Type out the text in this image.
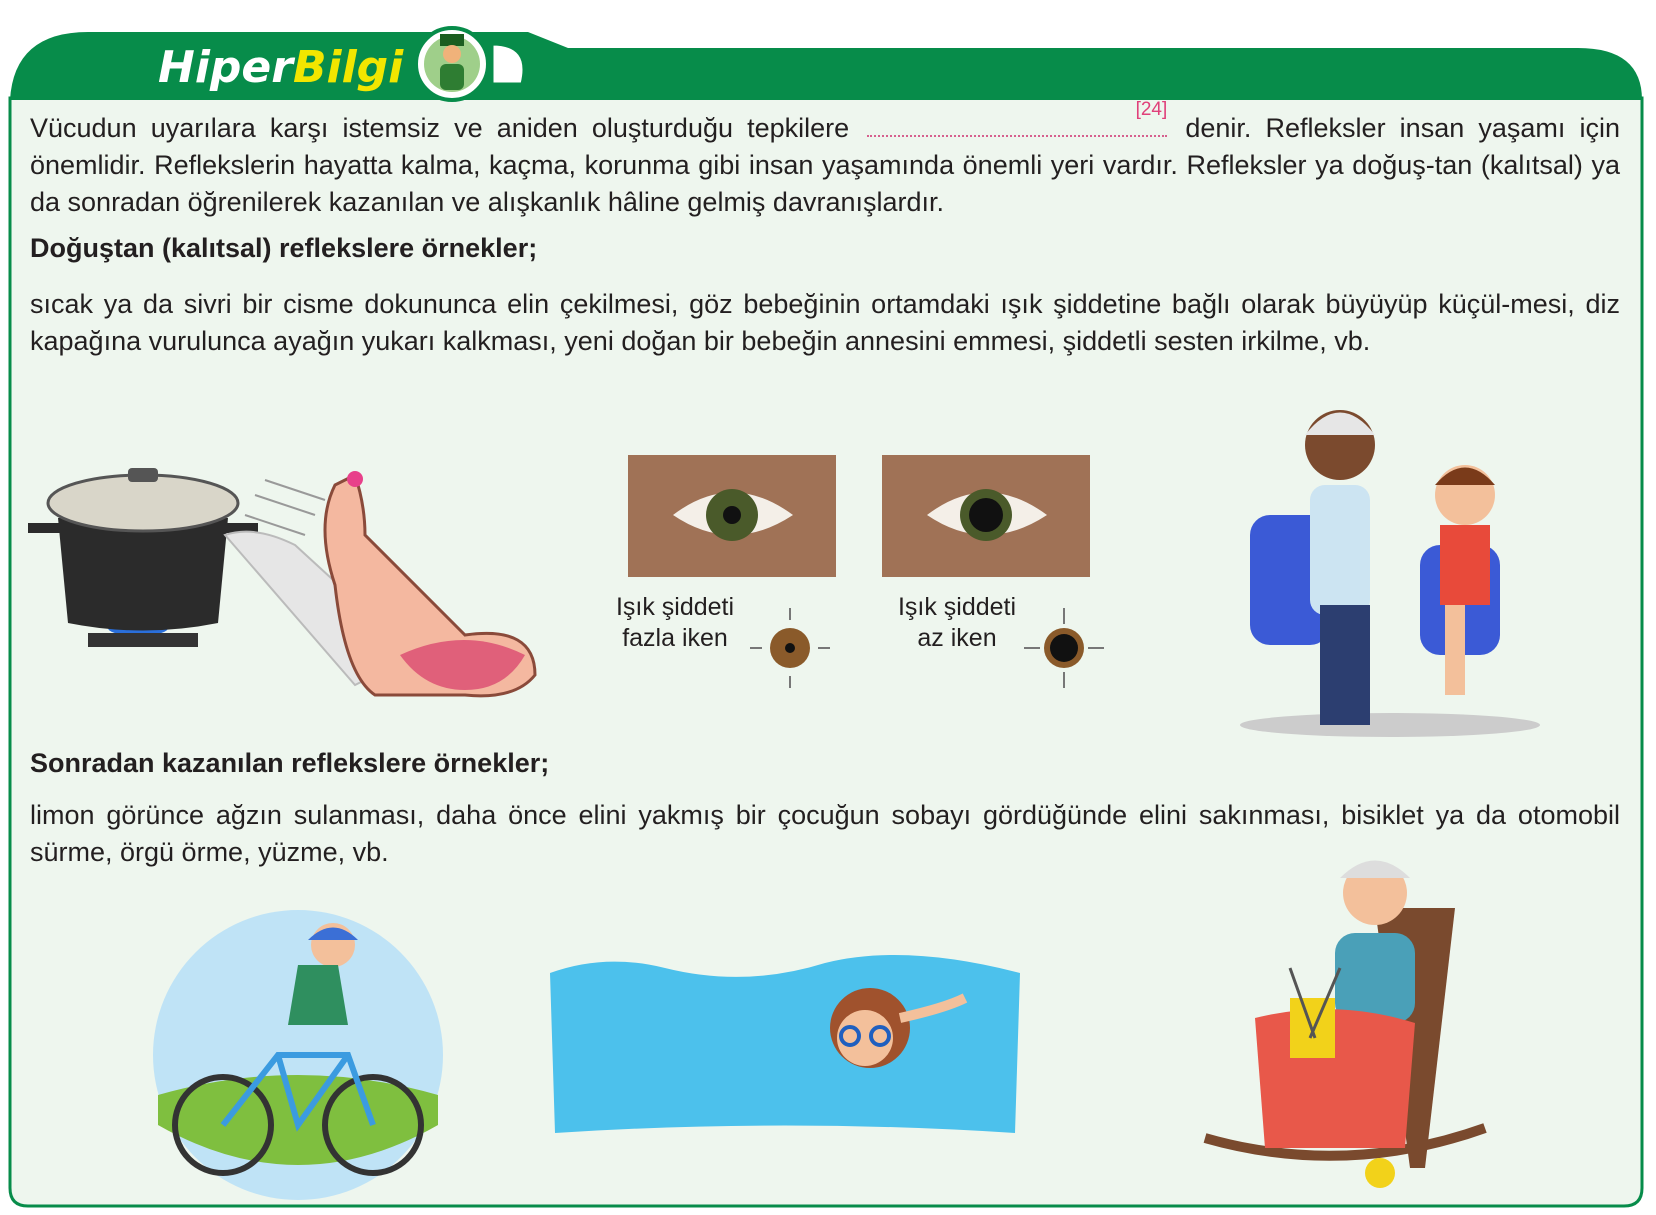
HiperBilgi

Vücudun uyarılara karşı istemsiz ve aniden oluşturduğu tepkilere
[24]
denir. Refleksler insan yaşamı için önemlidir. Reflekslerin hayatta kalma, kaçma, korunma gibi insan yaşamında önemli yeri vardır. Refleksler ya doğuş-tan (kalıtsal) ya da sonradan öğrenilerek kazanılan ve alışkanlık hâline gelmiş davranışlardır.

Doğuştan (kalıtsal) reflekslere örnekler;

sıcak ya da sivri bir cisme dokununca elin çekilmesi, göz bebeğinin ortamdaki ışık şiddetine bağlı olarak büyüyüp küçül-mesi, diz kapağına vurulunca ayağın yukarı kalkması, yeni doğan bir bebeğin annesini emmesi, şiddetli sesten irkilme, vb.

Işık şiddeti
fazla iken
Işık şiddeti
az iken

Sonradan kazanılan reflekslere örnekler;

limon görünce ağzın sulanması, daha önce elini yakmış bir çocuğun sobayı gördüğünde elini sakınması, bisiklet ya da otomobil sürme, örgü örme, yüzme, vb.
